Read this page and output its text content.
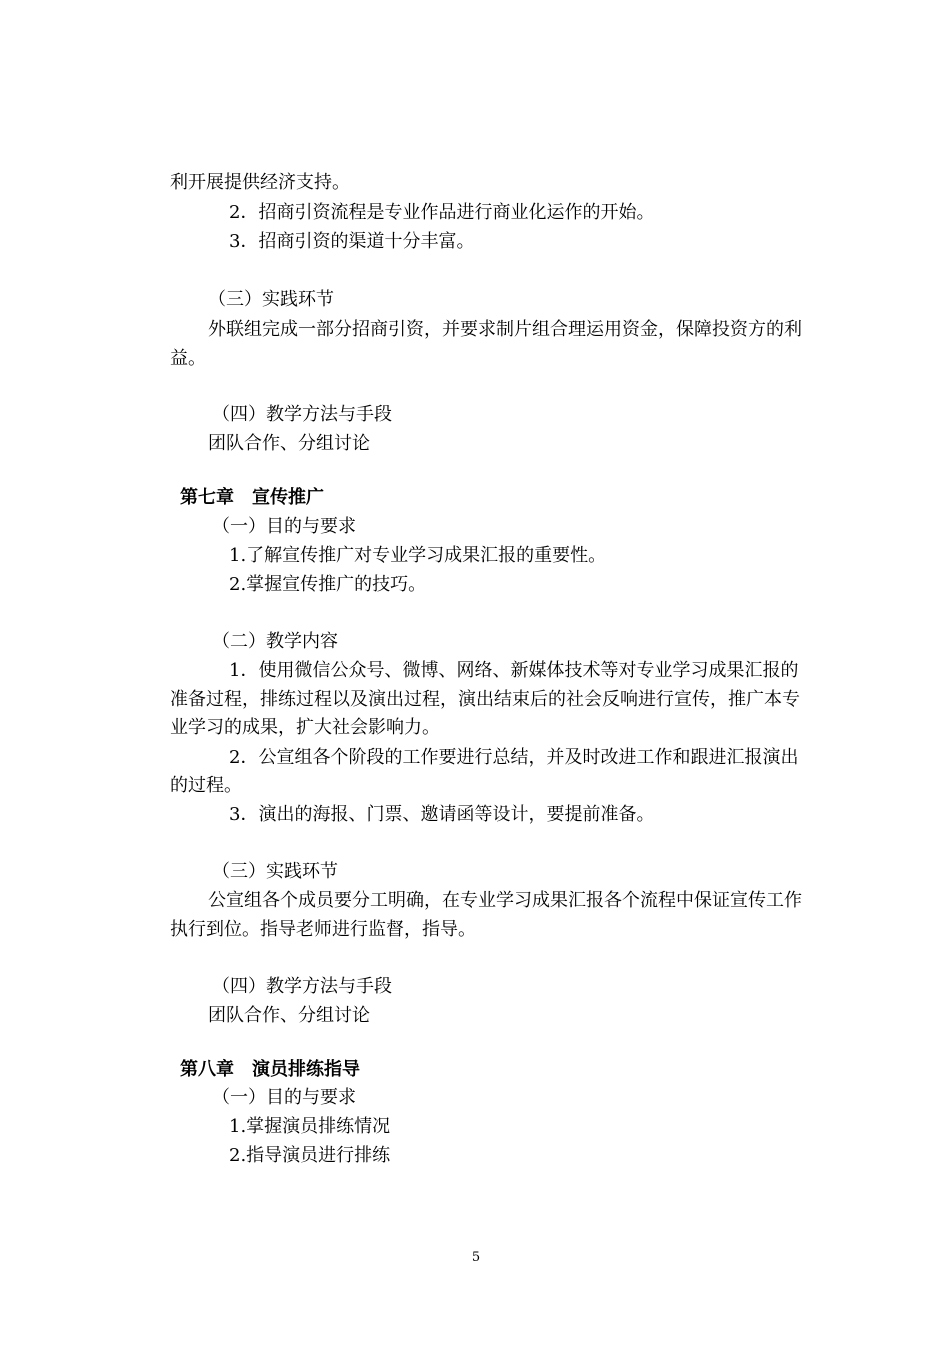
利开展提供经济支持。
2．招商引资流程是专业作品进行商业化运作的开始。
3．招商引资的渠道十分丰富。
（三）实践环节
外联组完成一部分招商引资，并要求制片组合理运用资金，保障投资方的利
益。
（四）教学方法与手段
团队合作、分组讨论
第七章　宣传推广
（一）目的与要求
1.了解宣传推广对专业学习成果汇报的重要性。
2.掌握宣传推广的技巧。
（二）教学内容
1．使用微信公众号、微博、网络、新媒体技术等对专业学习成果汇报的
准备过程，排练过程以及演出过程，演出结束后的社会反响进行宣传，推广本专
业学习的成果，扩大社会影响力。
2．公宣组各个阶段的工作要进行总结，并及时改进工作和跟进汇报演出
的过程。
3．演出的海报、门票、邀请函等设计，要提前准备。
（三）实践环节
公宣组各个成员要分工明确，在专业学习成果汇报各个流程中保证宣传工作
执行到位。指导老师进行监督，指导。
（四）教学方法与手段
团队合作、分组讨论
第八章　演员排练指导
（一）目的与要求
1.掌握演员排练情况
2.指导演员进行排练
5
